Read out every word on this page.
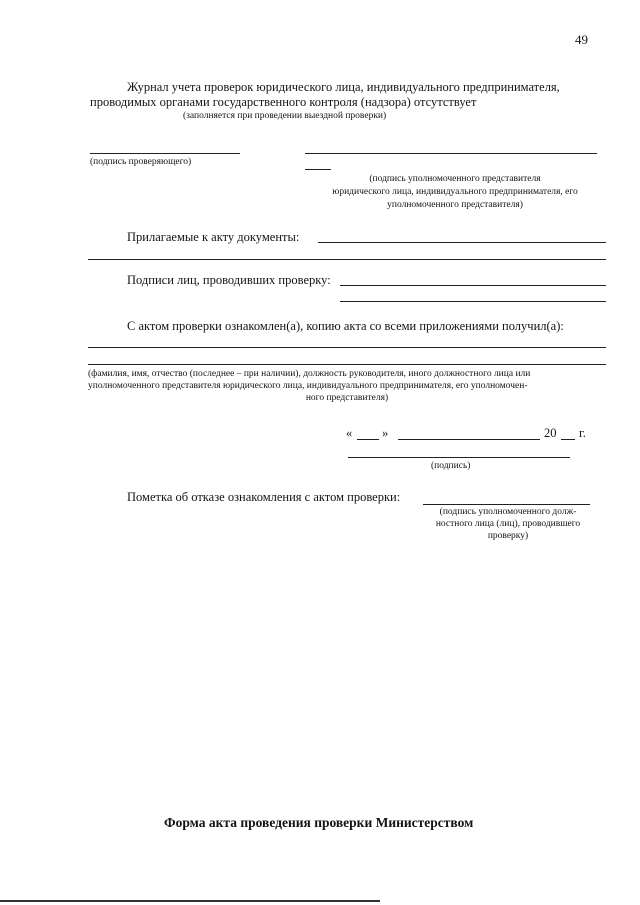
49
Журнал учета проверок юридического лица, индивидуального предпринимателя,
проводимых органами государственного контроля (надзора) отсутствует
(заполняется при проведении выездной проверки)
(подпись проверяющего)
(подпись уполномоченного представителя
юридического лица, индивидуального предпринимателя, его
уполномоченного представителя)
Прилагаемые к акту документы:
Подписи лиц, проводивших проверку:
С актом проверки ознакомлен(а), копию акта со всеми приложениями получил(а):
(фамилия, имя, отчество (последнее – при наличии), должность руководителя, иного должностного лица или
уполномоченного представителя юридического лица, индивидуального предпринимателя, его уполномочен-
ного представителя)
« »	20 г.
(подпись)
Пометка об отказе ознакомления с актом проверки:
(подпись уполномоченного долж-
ностного лица (лиц), проводившего
проверку)
Форма акта проведения проверки Министерством
